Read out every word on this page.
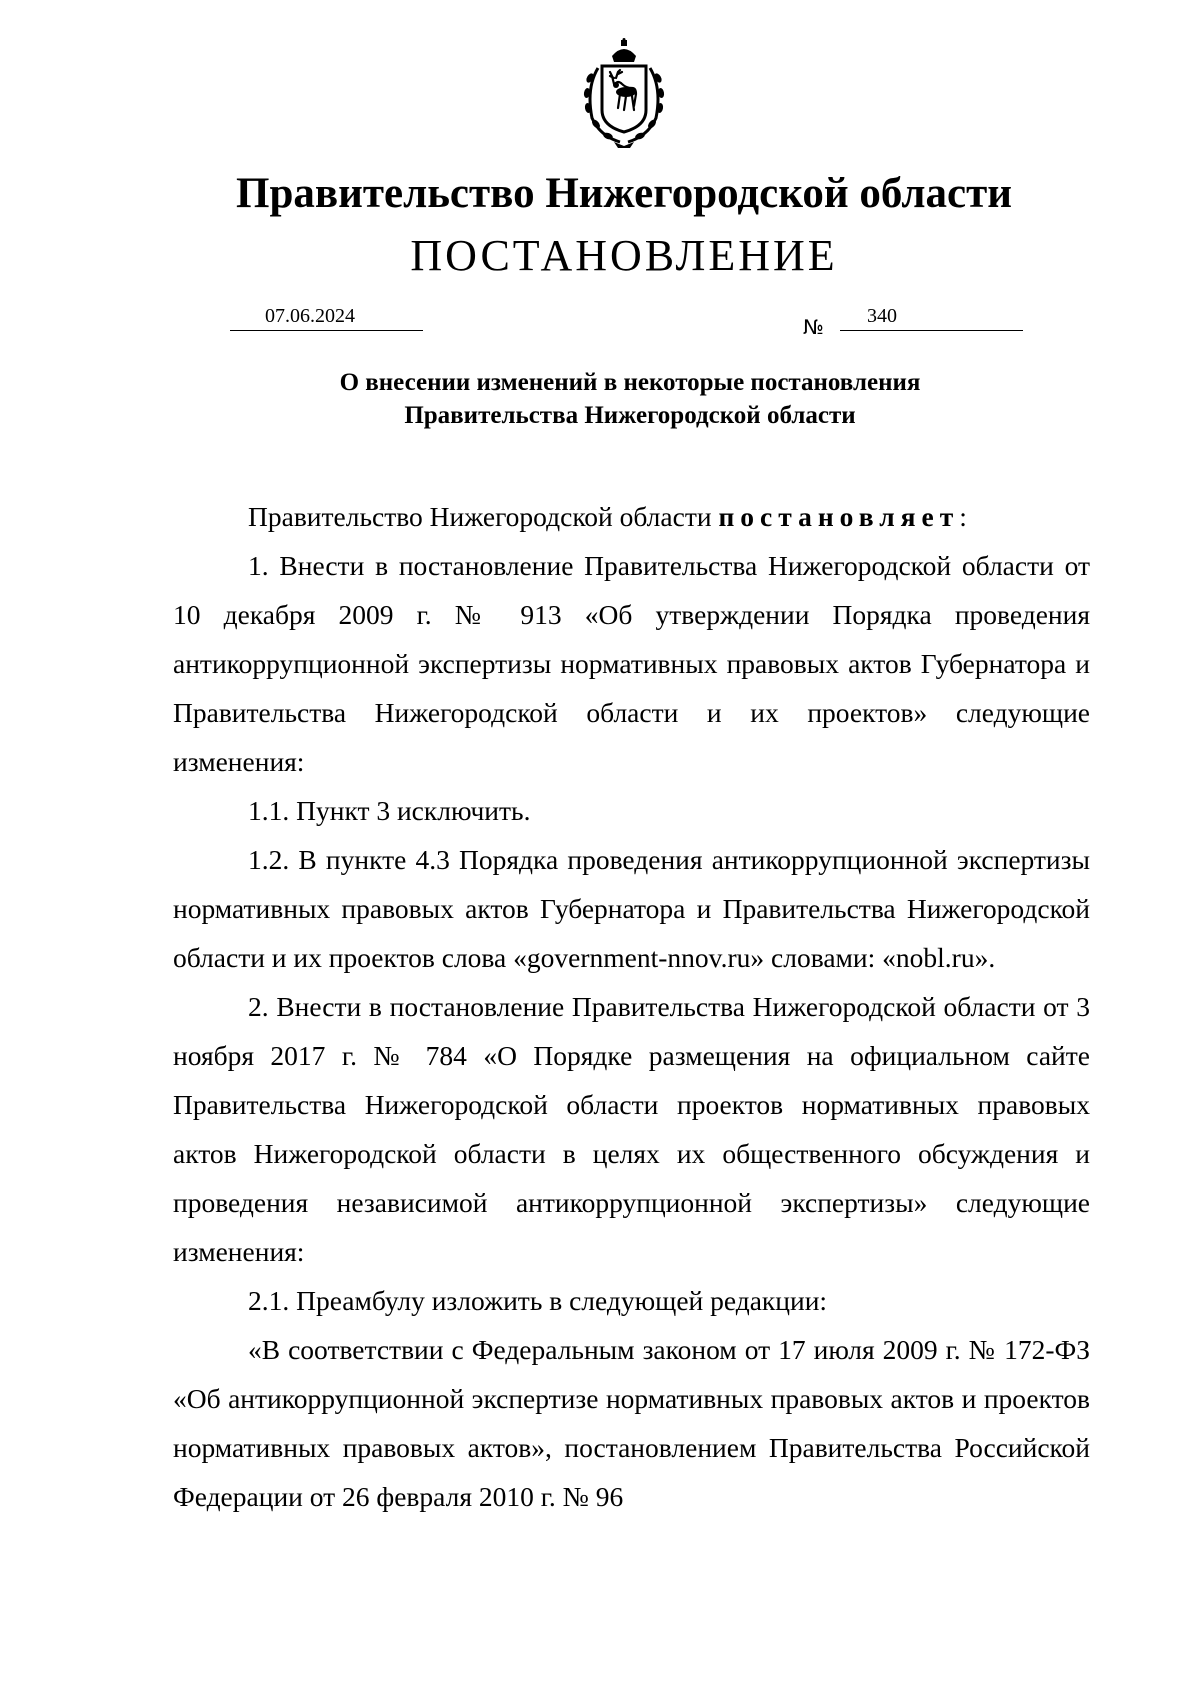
Правительство Нижегородской области
ПОСТАНОВЛЕНИЕ
07.06.2024	№ 340
О внесении изменений в некоторые постановления
Правительства Нижегородской области

Правительство Нижегородской области постановляет:

1. Внести в постановление Правительства Нижегородской области от 10 декабря 2009 г. № 913 «Об утверждении Порядка проведения антикоррупционной экспертизы нормативных правовых актов Губернатора и Правительства Нижегородской области и их проектов» следующие изменения:

1.1. Пункт 3 исключить.

1.2. В пункте 4.3 Порядка проведения антикоррупционной экспертизы нормативных правовых актов Губернатора и Правительства Нижегородской области и их проектов слова «government-nnov.ru» словами: «nobl.ru».

2. Внести в постановление Правительства Нижегородской области от 3 ноября 2017 г. № 784 «О Порядке размещения на официальном сайте Правительства Нижегородской области проектов нормативных правовых актов Нижегородской области в целях их общественного обсуждения и проведения независимой антикоррупционной экспертизы» следующие изменения:

2.1. Преамбулу изложить в следующей редакции:

«В соответствии с Федеральным законом от 17 июля 2009 г. № 172-ФЗ «Об антикоррупционной экспертизе нормативных правовых актов и проектов нормативных правовых актов», постановлением Правительства Российской Федерации от 26 февраля 2010 г. № 96
